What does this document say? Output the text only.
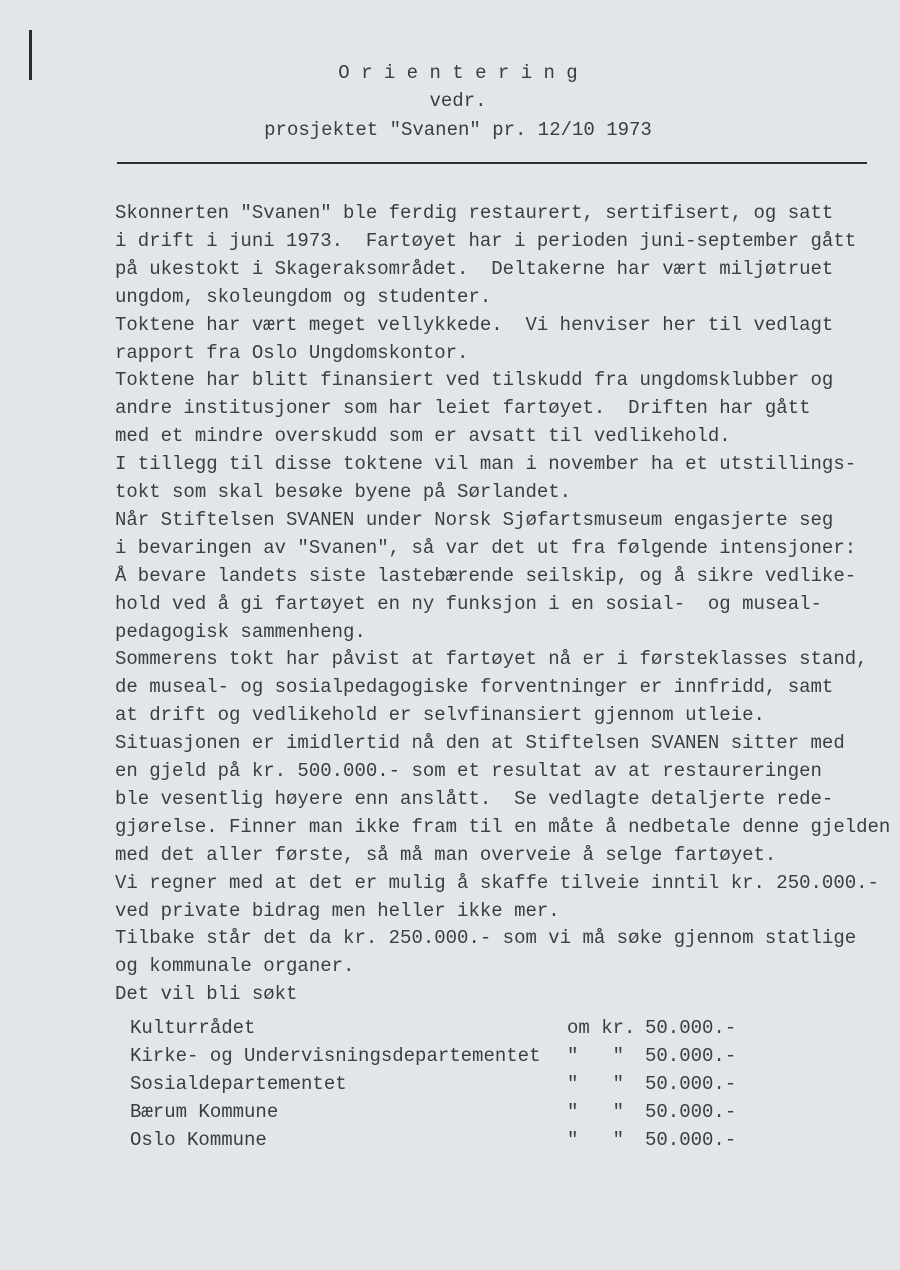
O r i e n t e r i n g
vedr.
prosjektet "Svanen" pr. 12/10 1973
Skonnerten "Svanen" ble ferdig restaurert, sertifisert, og satt
i drift i juni 1973.  Fartøyet har i perioden juni-september gått
på ukestokt i Skageraksområdet.  Deltakerne har vært miljøtruet
ungdom, skoleungdom og studenter.
Toktene har vært meget vellykkede.  Vi henviser her til vedlagt
rapport fra Oslo Ungdomskontor.
Toktene har blitt finansiert ved tilskudd fra ungdomsklubber og
andre institusjoner som har leiet fartøyet.  Driften har gått
med et mindre overskudd som er avsatt til vedlikehold.
I tillegg til disse toktene vil man i november ha et utstillings-
tokt som skal besøke byene på Sørlandet.
Når Stiftelsen SVANEN under Norsk Sjøfartsmuseum engasjerte seg
i bevaringen av "Svanen", så var det ut fra følgende intensjoner:
Å bevare landets siste lastebærende seilskip, og å sikre vedlike-
hold ved å gi fartøyet en ny funksjon i en sosial-  og museal-
pedagogisk sammenheng.
Sommerens tokt har påvist at fartøyet nå er i førsteklasses stand,
de museal- og sosialpedagogiske forventninger er innfridd, samt
at drift og vedlikehold er selvfinansiert gjennom utleie.
Situasjonen er imidlertid nå den at Stiftelsen SVANEN sitter med
en gjeld på kr. 500.000.- som et resultat av at restaureringen
ble vesentlig høyere enn anslått.  Se vedlagte detaljerte rede-
gjørelse. Finner man ikke fram til en måte å nedbetale denne gjelden
med det aller første, så må man overveie å selge fartøyet.
Vi regner med at det er mulig å skaffe tilveie inntil kr. 250.000.-
ved private bidrag men heller ikke mer.
Tilbake står det da kr. 250.000.- som vi må søke gjennom statlige
og kommunale organer.
Det vil bli søkt
Kulturrådet	om kr. 50.000.-
Kirke- og Undervisningsdepartementet "   " 50.000.-
Sosialdepartementet	"   " 50.000.-
Bærum Kommune	"   " 50.000.-
Oslo Kommune	"   " 50.000.-
